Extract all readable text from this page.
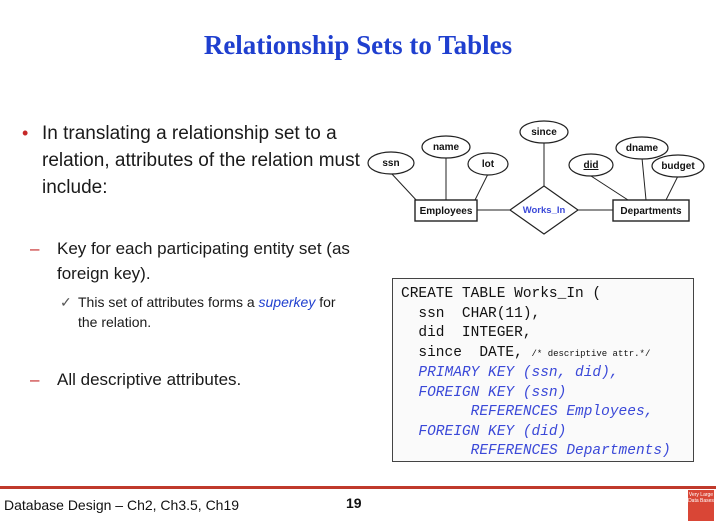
Relationship Sets to Tables
• In translating a relationship set to a relation, attributes of the relation must include:
– Key for each participating entity set (as foreign key).
✓ This set of attributes forms a superkey for the relation.
– All descriptive attributes.
ssn
name
lot
since
did
dname
budget
Employees	Departments
Works_In
CREATE TABLE Works_In (
ssn  CHAR(11),
did  INTEGER,
since  DATE, /* descriptive attr.*/
PRIMARY KEY (ssn, did),
FOREIGN KEY (ssn)
REFERENCES Employees,
FOREIGN KEY (did)
REFERENCES Departments)
Database Design – Ch2, Ch3.5, Ch19	19	Very Large Data Bases
